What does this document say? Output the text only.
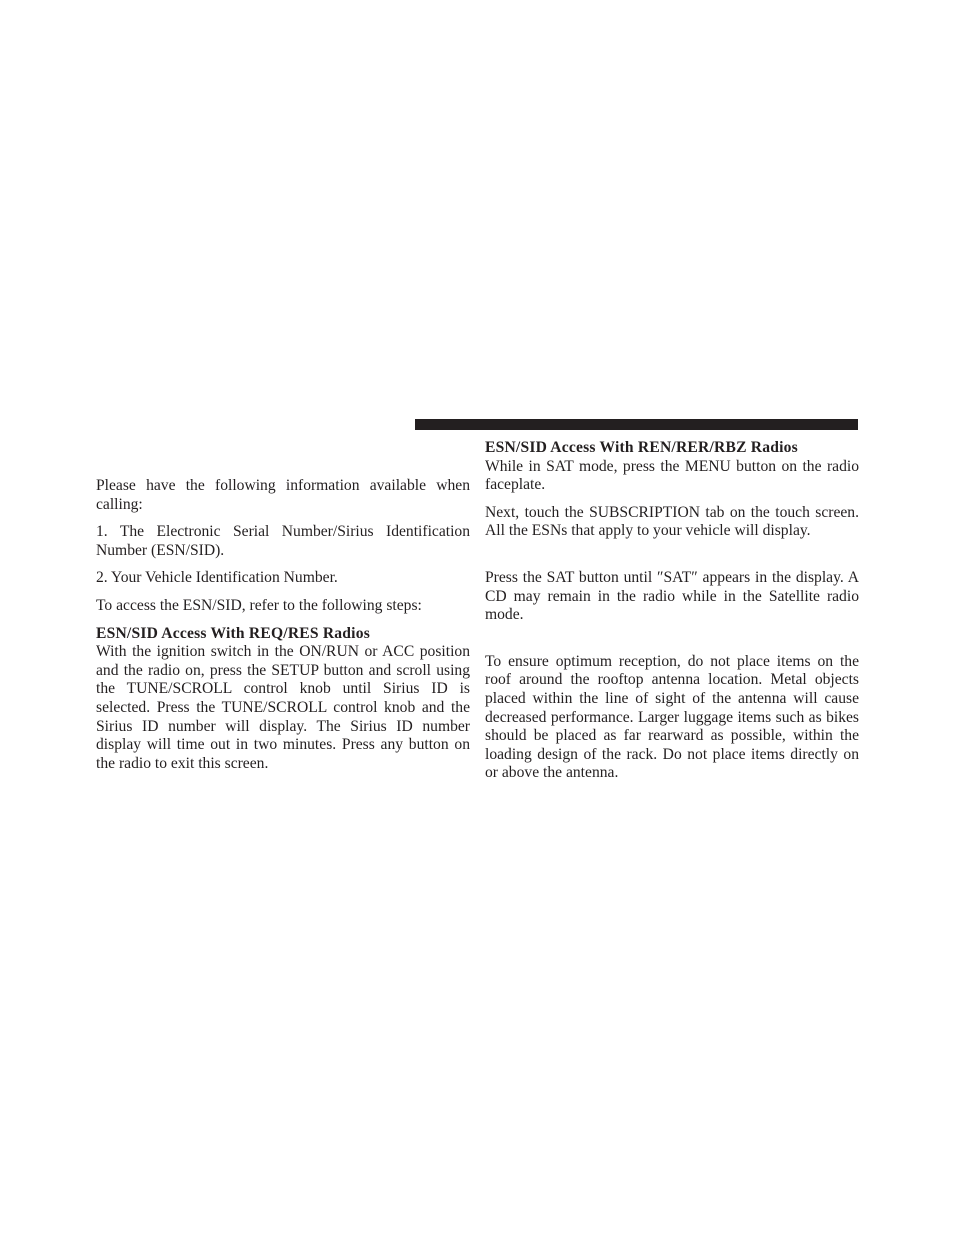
Please have the following information available when calling:

1. The Electronic Serial Number/Sirius Identification Number (ESN/SID).

2. Your Vehicle Identification Number.

To access the ESN/SID, refer to the following steps:

ESN/SID Access With REQ/RES Radios

With the ignition switch in the ON/RUN or ACC position and the radio on, press the SETUP button and scroll using the TUNE/SCROLL control knob until Sirius ID is selected. Press the TUNE/SCROLL control knob and the Sirius ID number will display. The Sirius ID number display will time out in two minutes. Press any button on the radio to exit this screen.

ESN/SID Access With REN/RER/RBZ Radios

While in SAT mode, press the MENU button on the radio faceplate.

Next, touch the SUBSCRIPTION tab on the touch screen. All the ESNs that apply to your vehicle will display.

Press the SAT button until ″SAT″ appears in the display. A CD may remain in the radio while in the Satellite radio mode.

To ensure optimum reception, do not place items on the roof around the rooftop antenna location. Metal objects placed within the line of sight of the antenna will cause decreased performance. Larger luggage items such as bikes should be placed as far rearward as possible, within the loading design of the rack. Do not place items directly on or above the antenna.
